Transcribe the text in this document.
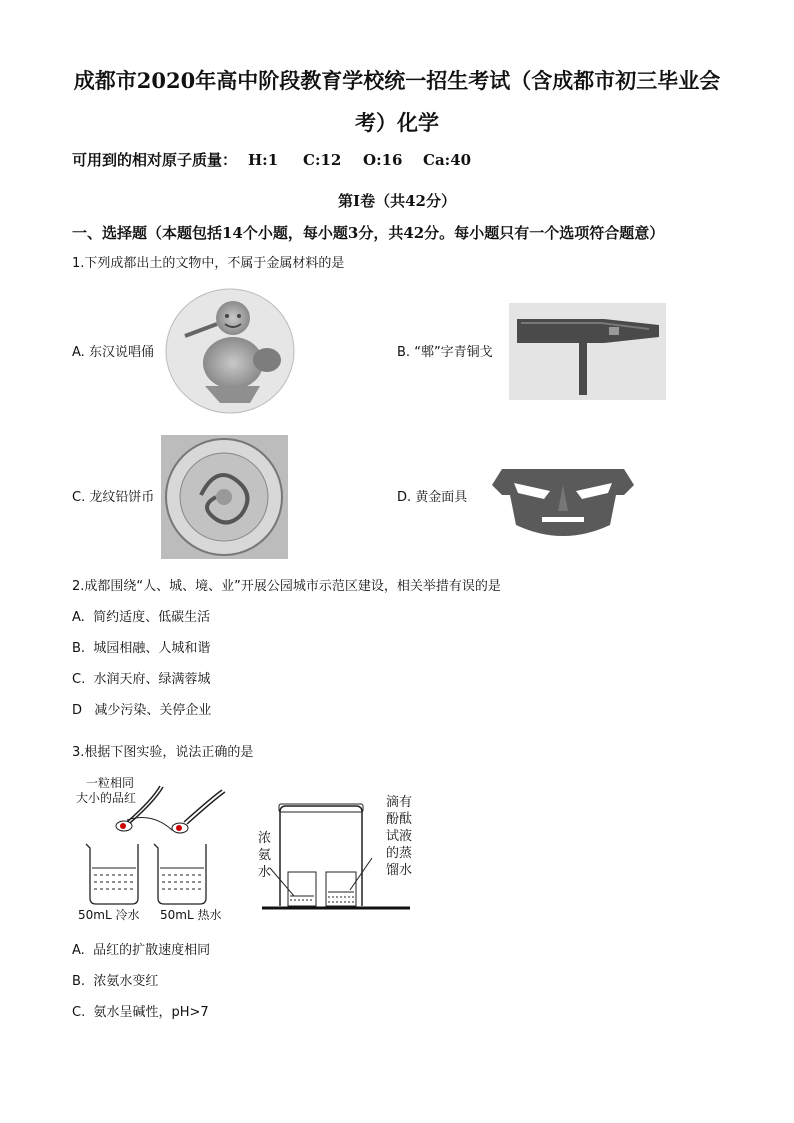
成都市2020年高中阶段教育学校统一招生考试（含成都市初三毕业会
考）化学
可用到的相对原子质量： H:1 C:12 O:16 Ca:40
第Ⅰ卷（共42分）
一、选择题（本题包括14个小题，每小题3分，共42分。每小题只有一个选项符合题意）
1.下列成都出土的文物中，不属于金属材料的是
A. 东汉说唱俑	B. “郫”字青铜戈
C. 龙纹铅饼币	D. 黄金面具
2.成都围绕“人、城、境、业”开展公园城市示范区建设，相关举措有误的是
A. 简约适度、低碳生活
B. 城园相融、人城和谐
C. 水润天府、绿满蓉城
D 减少污染、关停企业
3.根据下图实验，说法正确的是
一粒相同
大小的品红
50mL 冷水 50mL 热水
浓
氨
水
滴有
酚酞
试液
的蒸
馏水
A. 品红的扩散速度相同
B. 浓氨水变红
C. 氨水呈碱性，pH>7
